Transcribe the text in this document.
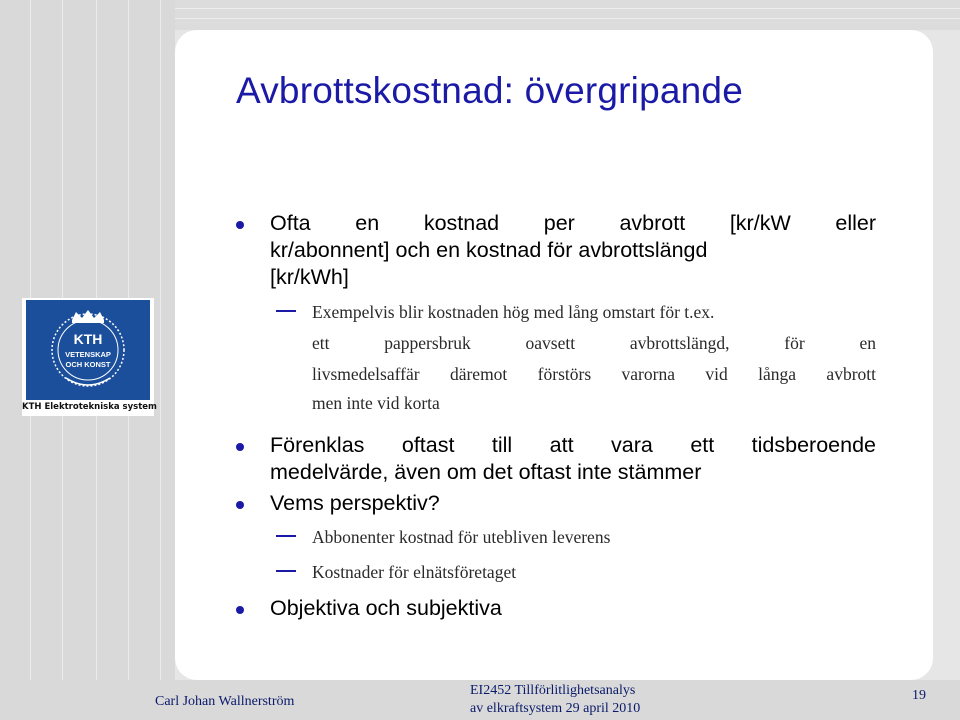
Avbrottskostnad: övergripande
KTH
VETENSKAP
OCH KONST
KTH Elektrotekniska system
Ofta en kostnad per avbrott [kr/kW eller
kr/abonnent] och en kostnad för avbrottslängd
[kr/kWh]
Exempelvis blir kostnaden hög med lång omstart för t.ex.
ett pappersbruk oavsett avbrottslängd, för en
livsmedelsaffär däremot förstörs varorna vid långa avbrott
men inte vid korta
Förenklas oftast till att vara ett tidsberoende
medelvärde, även om det oftast inte stämmer
Vems perspektiv?
Abbonenter kostnad för utebliven leverens
Kostnader för elnätsföretaget
Objektiva och subjektiva
Carl Johan Wallnerström
EI2452 Tillförlitlighetsanalys
av elkraftsystem 29 april 2010
19
